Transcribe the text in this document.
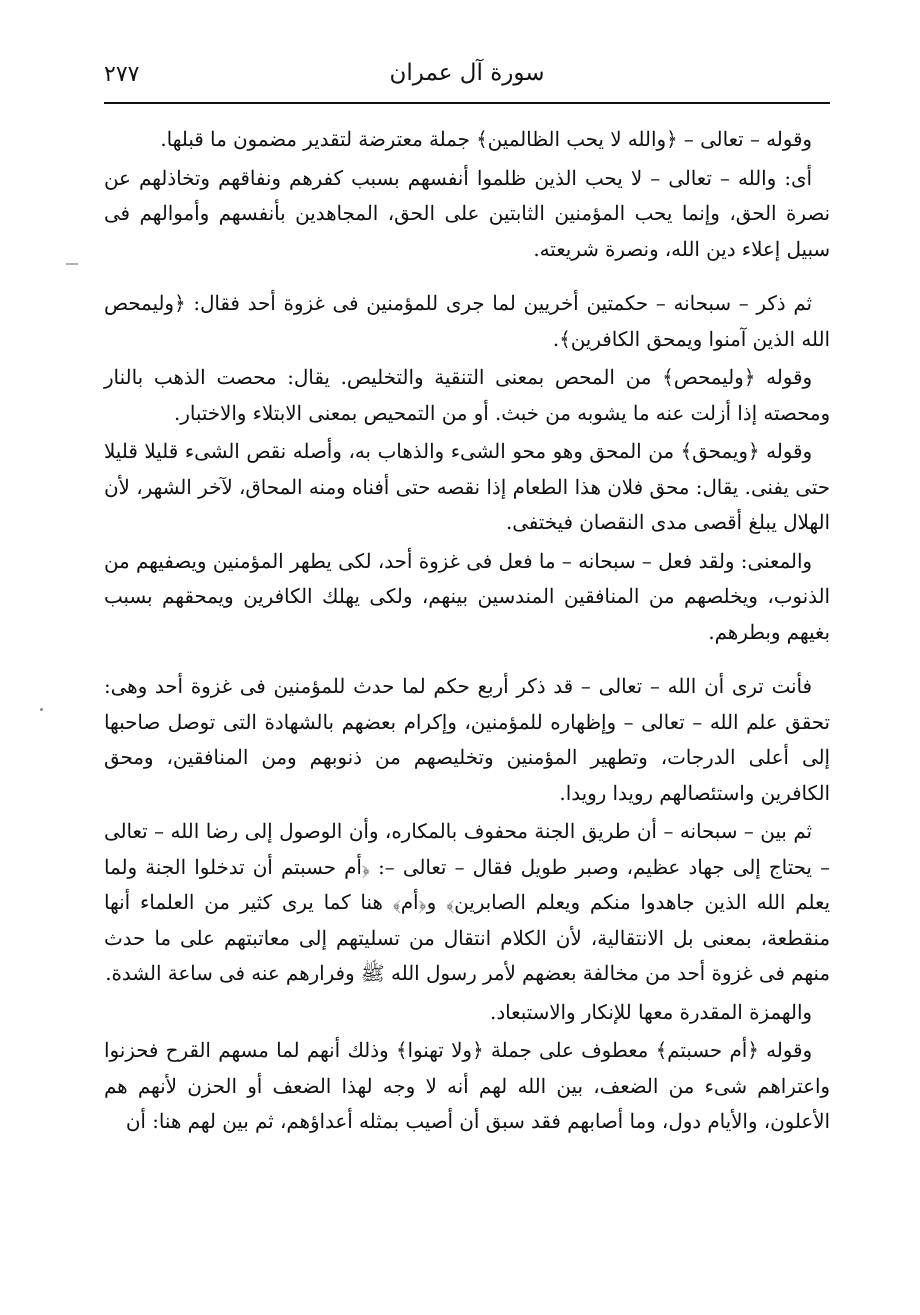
٢٧٧	سورة آل عمران

وقوله – تعالى – ﴿والله لا يحب الظالمين﴾ جملة معترضة لتقدير مضمون ما قبلها.

أى: والله – تعالى – لا يحب الذين ظلموا أنفسهم بسبب كفرهم ونفاقهم وتخاذلهم عن نصرة الحق، وإنما يحب المؤمنين الثابتين على الحق، المجاهدين بأنفسهم وأموالهم فى سبيل إعلاء دين الله، ونصرة شريعته.

ثم ذكر – سبحانه – حكمتين أخريين لما جرى للمؤمنين فى غزوة أحد فقال: ﴿وليمحص الله الذين آمنوا ويمحق الكافرين﴾.

وقوله ﴿وليمحص﴾ من المحص بمعنى التنقية والتخليص. يقال: محصت الذهب بالنار ومحصته إذا أزلت عنه ما يشوبه من خبث. أو من التمحيص بمعنى الابتلاء والاختبار.

وقوله ﴿ويمحق﴾ من المحق وهو محو الشىء والذهاب به، وأصله نقص الشىء قليلا قليلا حتى يفنى. يقال: محق فلان هذا الطعام إذا نقصه حتى أفناه ومنه المحاق، لآخر الشهر، لأن الهلال يبلغ أقصى مدى النقصان فيختفى.

والمعنى: ولقد فعل – سبحانه – ما فعل فى غزوة أحد، لكى يطهر المؤمنين ويصفيهم من الذنوب، ويخلصهم من المنافقين المندسين بينهم، ولكى يهلك الكافرين ويمحقهم بسبب بغيهم وبطرهم.

فأنت ترى أن الله – تعالى – قد ذكر أربع حكم لما حدث للمؤمنين فى غزوة أحد وهى: تحقق علم الله – تعالى – وإظهاره للمؤمنين، وإكرام بعضهم بالشهادة التى توصل صاحبها إلى أعلى الدرجات، وتطهير المؤمنين وتخليصهم من ذنوبهم ومن المنافقين، ومحق الكافرين واستئصالهم رويدا رويدا.

ثم بين – سبحانه – أن طريق الجنة محفوف بالمكاره، وأن الوصول إلى رضا الله – تعالى – يحتاج إلى جهاد عظيم، وصبر طويل فقال – تعالى –: ﴿أم حسبتم أن تدخلوا الجنة ولما يعلم الله الذين جاهدوا منكم ويعلم الصابرين﴾ و﴿أم﴾ هنا كما يرى كثير من العلماء أنها منقطعة، بمعنى بل الانتقالية، لأن الكلام انتقال من تسليتهم إلى معاتبتهم على ما حدث منهم فى غزوة أحد من مخالفة بعضهم لأمر رسول الله ﷺ وفرارهم عنه فى ساعة الشدة.

والهمزة المقدرة معها للإنكار والاستبعاد.

وقوله ﴿أم حسبتم﴾ معطوف على جملة ﴿ولا تهنوا﴾ وذلك أنهم لما مسهم القرح فحزنوا واعتراهم شىء من الضعف، بين الله لهم أنه لا وجه لهذا الضعف أو الحزن لأنهم هم الأعلون، والأيام دول، وما أصابهم فقد سبق أن أصيب بمثله أعداؤهم، ثم بين لهم هنا: أن
